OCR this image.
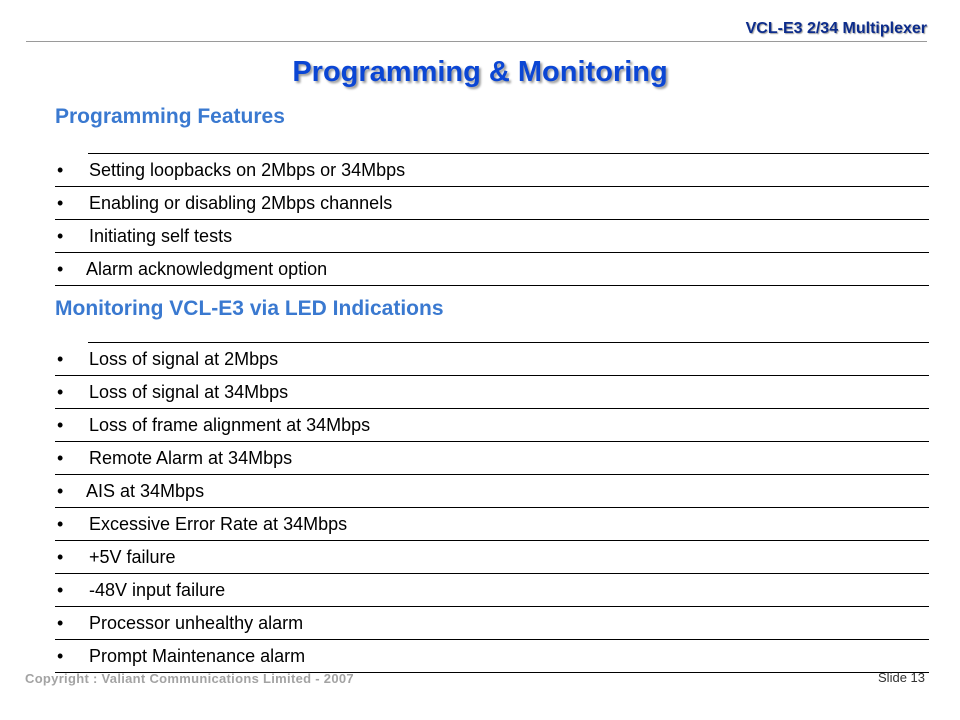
VCL-E3 2/34 Multiplexer
Programming & Monitoring
Programming Features
•	Setting loopbacks on 2Mbps or 34Mbps
•	Enabling or disabling 2Mbps channels
•	Initiating self tests
•	Alarm acknowledgment option
Monitoring VCL-E3 via LED Indications
•	Loss of signal at 2Mbps
•	Loss of signal at 34Mbps
•	Loss of frame alignment at 34Mbps
•	Remote Alarm at 34Mbps
•	AIS at 34Mbps
•	Excessive Error Rate at 34Mbps
•	+5V failure
•	-48V input failure
•	Processor unhealthy alarm
•	Prompt Maintenance alarm
Copyright : Valiant Communications Limited - 2007	Slide 13
